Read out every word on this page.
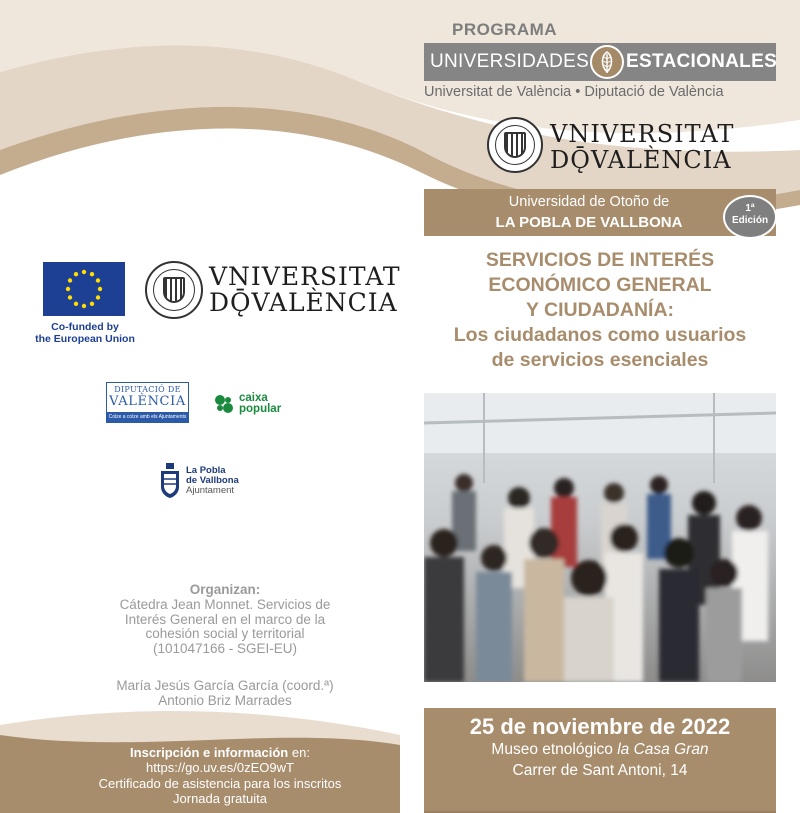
PROGRAMA
UNIVERSIDADES ESTACIONALES
Universitat de València • Diputació de València
VNIVERSITAT
DǬVALÈNCIA
Universidad de Otoño de
LA POBLA DE VALLBONA
1ª
Edición
SERVICIOS DE INTERÉS
ECONÓMICO GENERAL
Y CIUDADANÍA:
Los ciudadanos como usuarios
de servicios esenciales
25 de noviembre de 2022
Museo etnológico la Casa Gran
Carrer de Sant Antoni, 14
Co-funded by
the European Union
VNIVERSITAT
DǬVALÈNCIA
DIPUTACIÓ DE
VALÈNCIA
Colze a colze amb els Ajuntaments
caixa
popular
La Pobla
de Vallbona
Ajuntament
Organizan:
Cátedra Jean Monnet. Servicios de
Interés General en el marco de la
cohesión social y territorial
(101047166 - SGEI-EU)
María Jesús García García (coord.ª)
Antonio Briz Marrades
Inscripción e información en:
https://go.uv.es/0zEO9wT
Certificado de asistencia para los inscritos
Jornada gratuita
